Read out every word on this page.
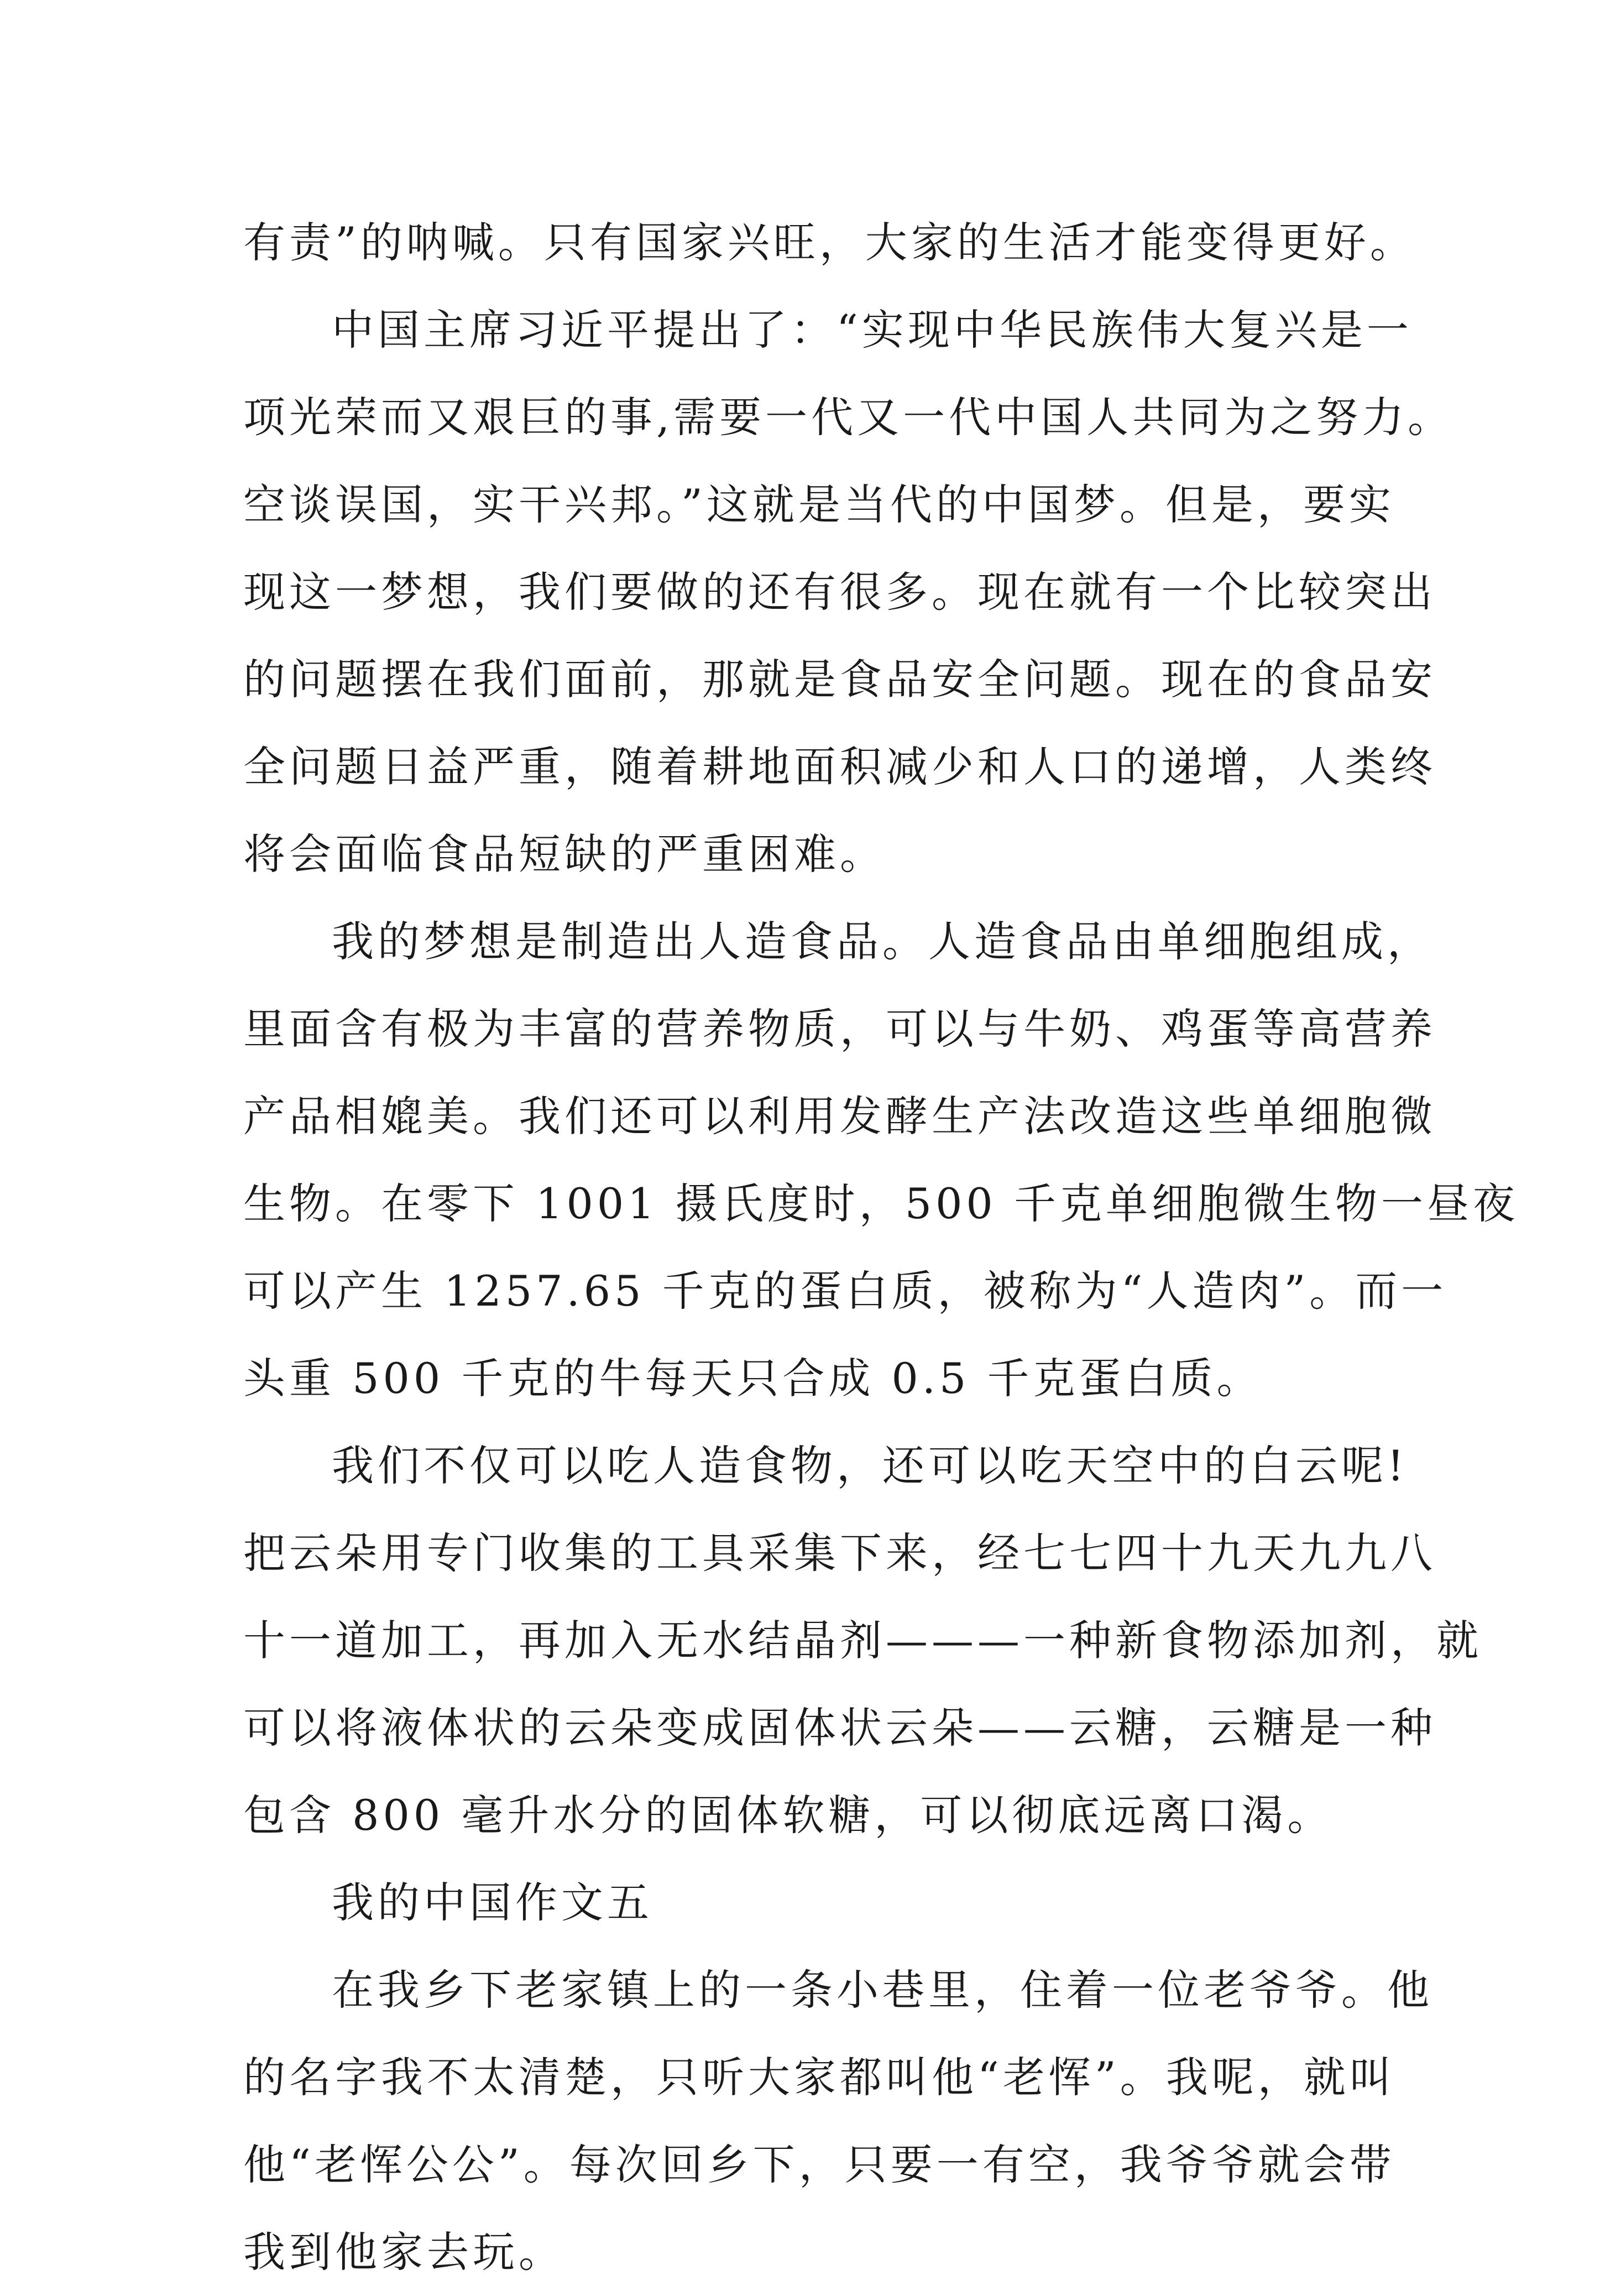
有责”的呐喊。只有国家兴旺，大家的生活才能变得更好。
中国主席习近平提出了：“实现中华民族伟大复兴是一
项光荣而又艰巨的事,需要一代又一代中国人共同为之努力。
空谈误国，实干兴邦。”这就是当代的中国梦。但是，要实
现这一梦想，我们要做的还有很多。现在就有一个比较突出
的问题摆在我们面前，那就是食品安全问题。现在的食品安
全问题日益严重，随着耕地面积减少和人口的递增，人类终
将会面临食品短缺的严重困难。
我的梦想是制造出人造食品。人造食品由单细胞组成，
里面含有极为丰富的营养物质，可以与牛奶、鸡蛋等高营养
产品相媲美。我们还可以利用发酵生产法改造这些单细胞微
生物。在零下 1001 摄氏度时，500 千克单细胞微生物一昼夜
可以产生 1257.65 千克的蛋白质，被称为“人造肉”。而一
头重 500 千克的牛每天只合成 0.5 千克蛋白质。
我们不仅可以吃人造食物，还可以吃天空中的白云呢!
把云朵用专门收集的工具采集下来，经七七四十九天九九八
十一道加工，再加入无水结晶剂———一种新食物添加剂，就
可以将液体状的云朵变成固体状云朵——云糖，云糖是一种
包含 800 毫升水分的固体软糖，可以彻底远离口渴。
我的中国作文五
在我乡下老家镇上的一条小巷里，住着一位老爷爷。他
的名字我不太清楚，只听大家都叫他“老恽”。我呢，就叫
他“老恽公公”。每次回乡下，只要一有空，我爷爷就会带
我到他家去玩。
